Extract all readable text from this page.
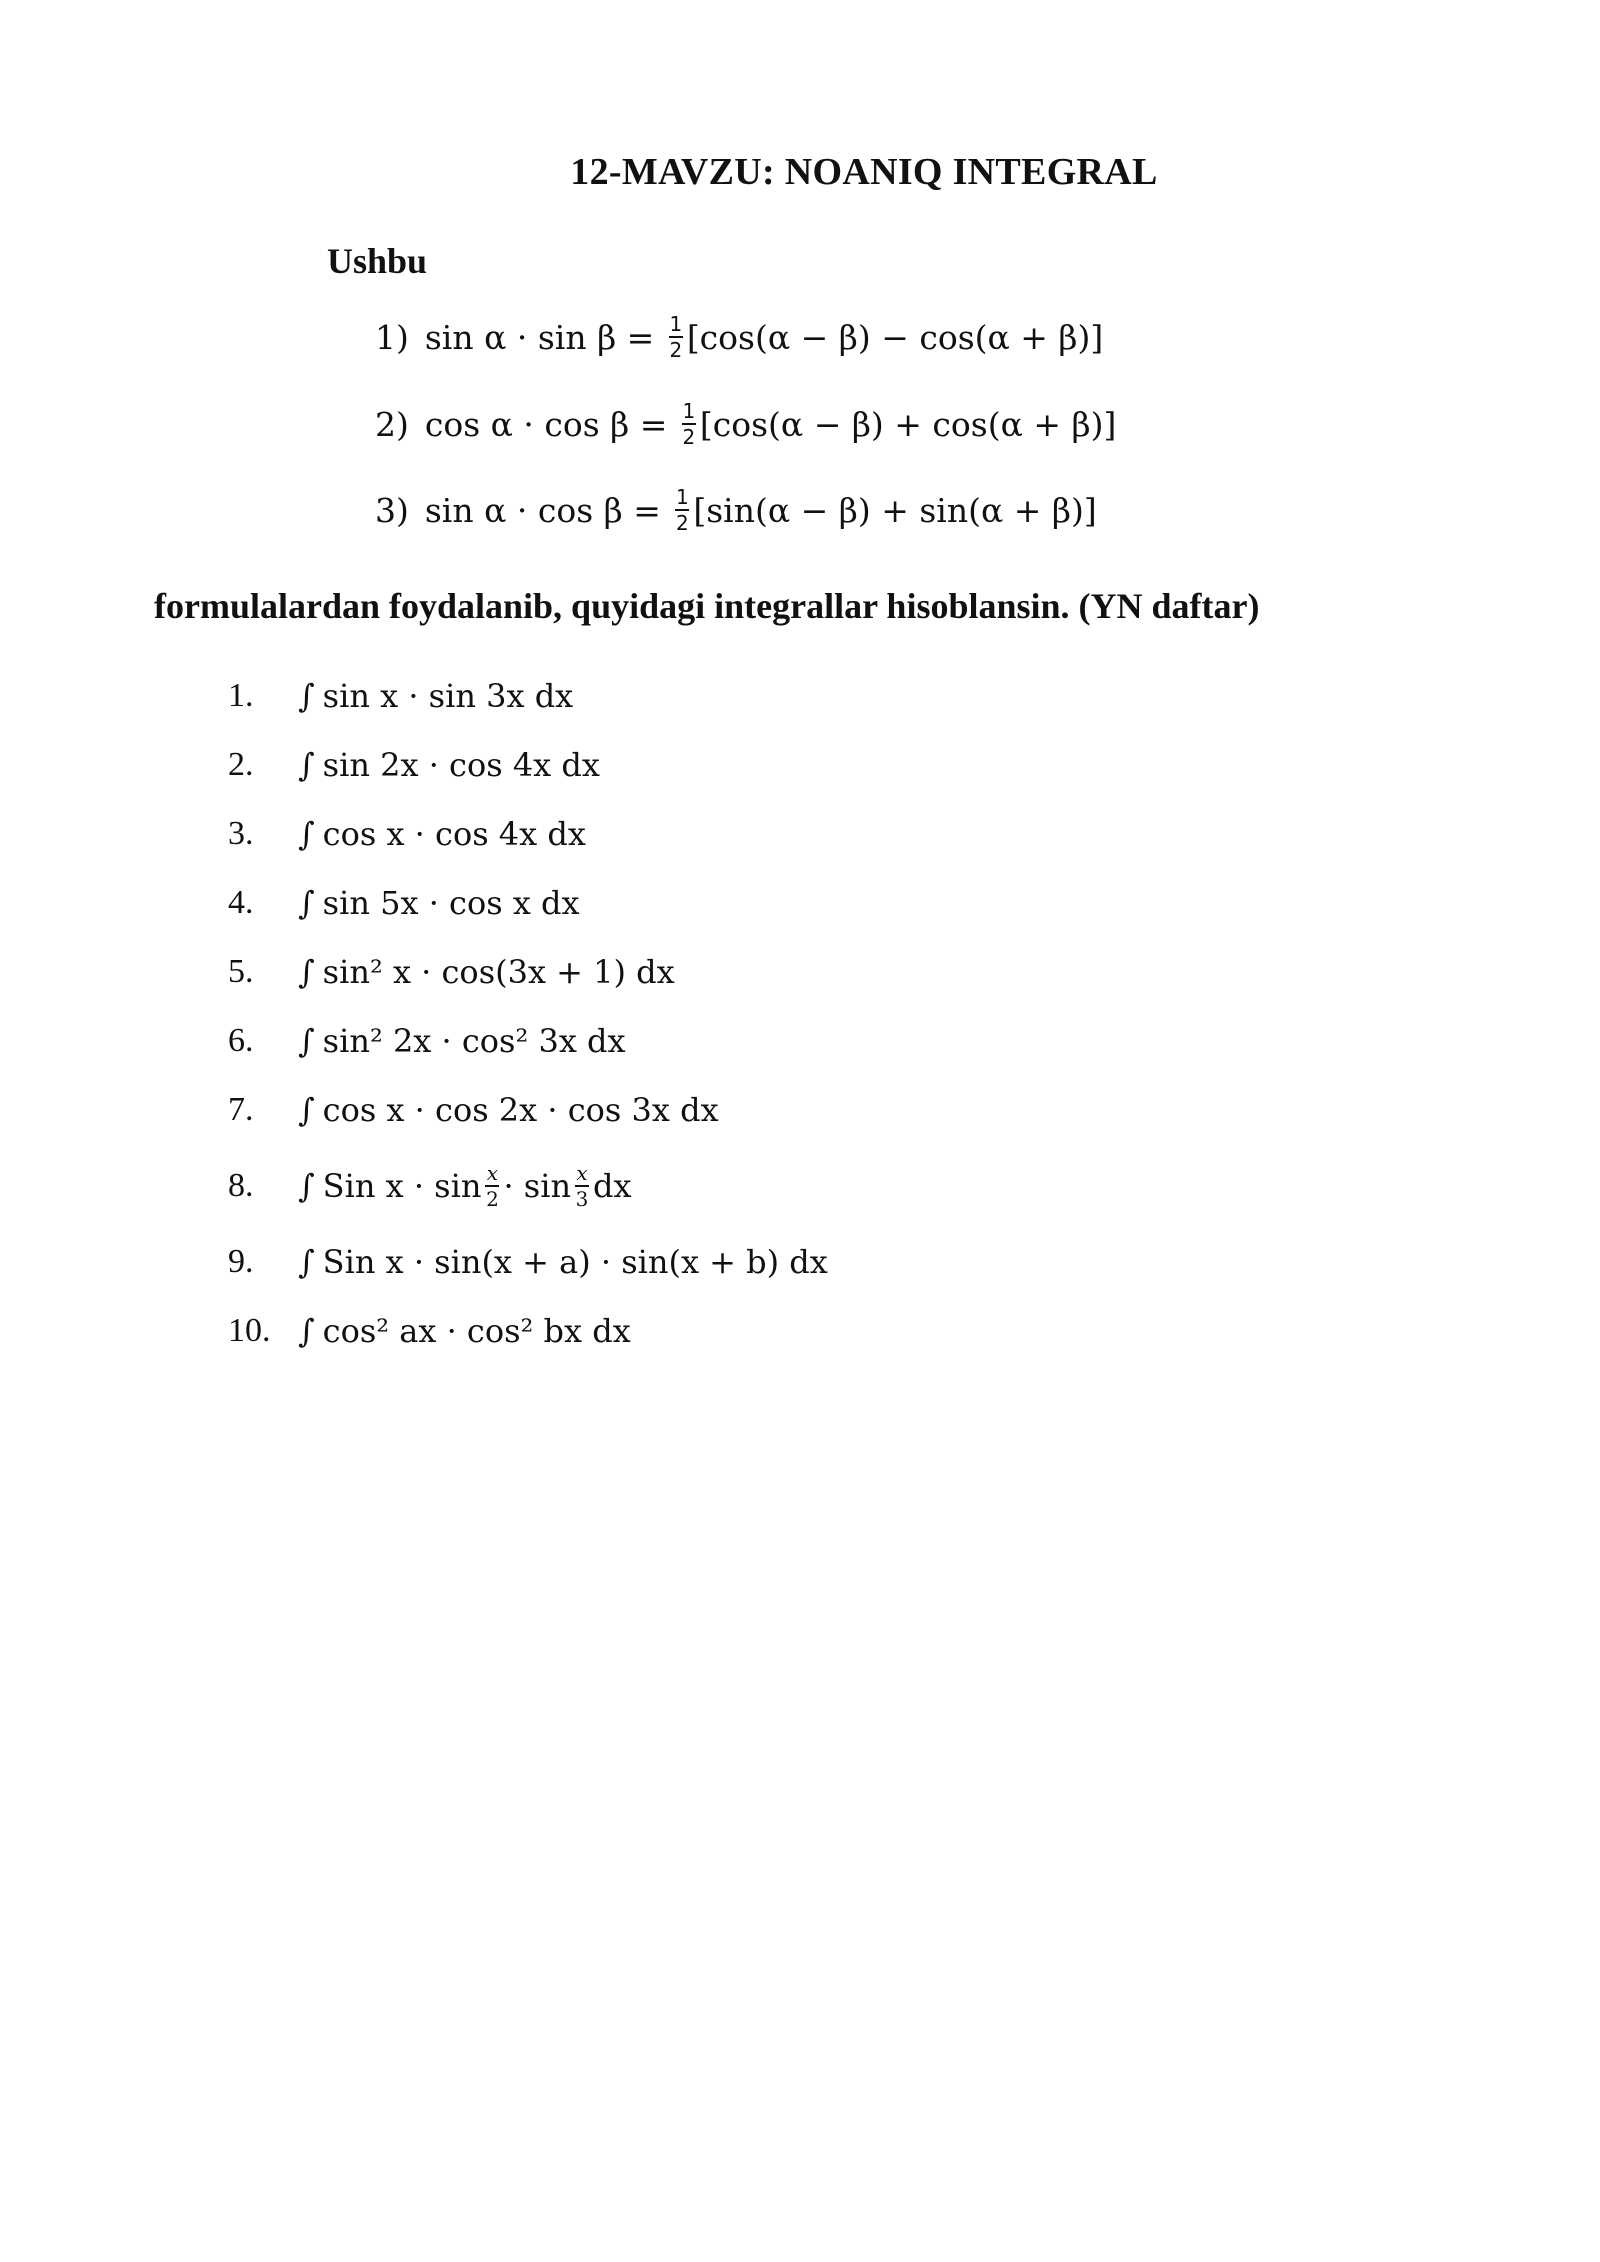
12-MAVZU: NOANIQ INTEGRAL
Ushbu
1) $\sin \alpha \cdot \sin \beta = \frac{1}{2} [\cos(\alpha - \beta) - \cos(\alpha + \beta)]$
2) $\cos \alpha \cdot \cos \beta = \frac{1}{2} [\cos(\alpha - \beta) + \cos(\alpha + \beta)]$
3) $\sin \alpha \cdot \cos \beta = \frac{1}{2} [\sin(\alpha - \beta) + \sin(\alpha + \beta)]$
formulalardan foydalanib, quyidagi integrallar hisoblansin. (YN daftar)
1.	∫ sin x · sin 3x dx
2.	∫ sin 2x · cos 4x dx
3.	∫ cos x · cos 4x dx
4.	∫ sin 5x · cos x dx
5.	∫ sin² x · cos(3x + 1) dx
6.	∫ sin² 2x · cos² 3x dx
7.	∫ cos x · cos 2x · cos 3x dx
8.	∫ Sin $x \cdot \sin \frac{x}{2} \cdot \sin \frac{x}{3}$ dx
9.	∫ Sin x · sin(x + a) · sin(x + b) dx
10. ∫ cos² ax · cos² bx dx
